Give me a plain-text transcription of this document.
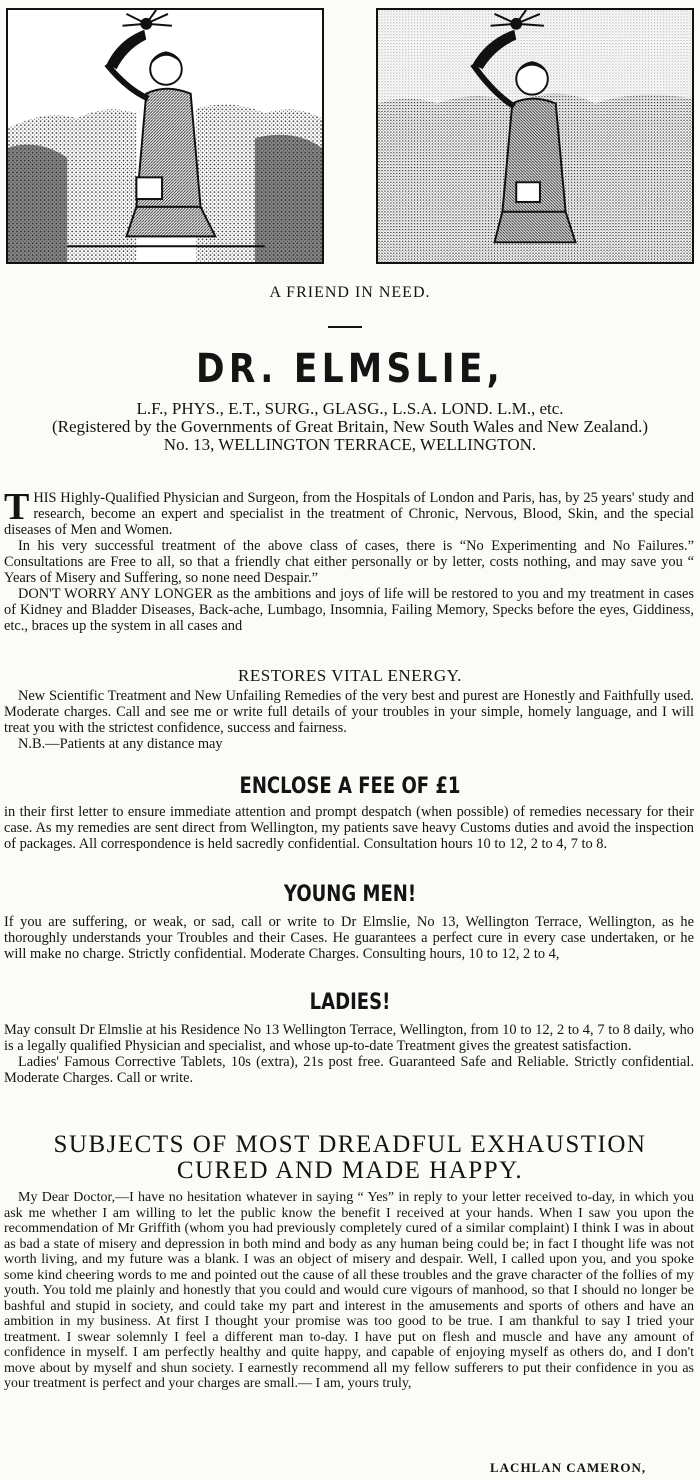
A FRIEND IN NEED.
DR. ELMSLIE,
L.F., PHYS., E.T., SURG., GLASG., L.S.A. LOND. L.M., etc.
(Registered by the Governments of Great Britain, New South Wales and New Zealand.)
No. 13, WELLINGTON TERRACE, WELLINGTON.

THIS Highly-Qualified Physician and Surgeon, from the Hospitals of London and Paris, has, by 25 years' study and research, become an expert and specialist in the treatment of Chronic, Nervous, Blood, Skin, and the special diseases of Men and Women.

In his very successful treatment of the above class of cases, there is “No Experimenting and No Failures.” Consultations are Free to all, so that a friendly chat either personally or by letter, costs nothing, and may save you “ Years of Misery and Suffering, so none need Despair.”

DON'T WORRY ANY LONGER as the ambitions and joys of life will be restored to you and my treatment in cases of Kidney and Bladder Diseases, Back-ache, Lumbago, Insomnia, Failing Memory, Specks before the eyes, Giddiness, etc., braces up the system in all cases and

RESTORES VITAL ENERGY.

New Scientific Treatment and New Unfailing Remedies of the very best and purest are Honestly and Faithfully used. Moderate charges. Call and see me or write full details of your troubles in your simple, homely language, and I will treat you with the strictest confidence, success and fairness.

N.B.—Patients at any distance may

ENCLOSE A FEE OF £1

in their first letter to ensure immediate attention and prompt despatch (when possible) of remedies necessary for their case. As my remedies are sent direct from Wellington, my patients save heavy Customs duties and avoid the inspection of packages. All correspondence is held sacredly confidential. Consultation hours 10 to 12, 2 to 4, 7 to 8.

YOUNG MEN!

If you are suffering, or weak, or sad, call or write to Dr Elmslie, No 13, Wellington Terrace, Wellington, as he thoroughly understands your Troubles and their Cases. He guarantees a perfect cure in every case undertaken, or he will make no charge. Strictly confidential. Moderate Charges. Consulting hours, 10 to 12, 2 to 4,

LADIES!

May consult Dr Elmslie at his Residence No 13 Wellington Terrace, Wellington, from 10 to 12, 2 to 4, 7 to 8 daily, who is a legally qualified Physician and specialist, and whose up-to-date Treatment gives the greatest satisfaction.

Ladies' Famous Corrective Tablets, 10s (extra), 21s post free. Guaranteed Safe and Reliable. Strictly confidential. Moderate Charges. Call or write.

SUBJECTS OF MOST DREADFUL EXHAUSTION
CURED AND MADE HAPPY.

My Dear Doctor,—I have no hesitation whatever in saying “ Yes” in reply to your letter received to-day, in which you ask me whether I am willing to let the public know the benefit I received at your hands. When I saw you upon the recommendation of Mr Griffith (whom you had previously completely cured of a similar complaint) I think I was in about as bad a state of misery and depression in both mind and body as any human being could be; in fact I thought life was not worth living, and my future was a blank. I was an object of misery and despair. Well, I called upon you, and you spoke some kind cheering words to me and pointed out the cause of all these troubles and the grave character of the follies of my youth. You told me plainly and honestly that you could and would cure vigours of manhood, so that I should no longer be bashful and stupid in society, and could take my part and interest in the amusements and sports of others and have an ambition in my business. At first I thought your promise was too good to be true. I am thankful to say I tried your treatment. I swear solemnly I feel a different man to-day. I have put on flesh and muscle and have any amount of confidence in myself. I am perfectly healthy and quite happy, and capable of enjoying myself as others do, and I don't move about by myself and shun society. I earnestly recommend all my fellow sufferers to put their confidence in you as your treatment is perfect and your charges are small.— I am, yours truly,

LACHLAN CAMERON,
